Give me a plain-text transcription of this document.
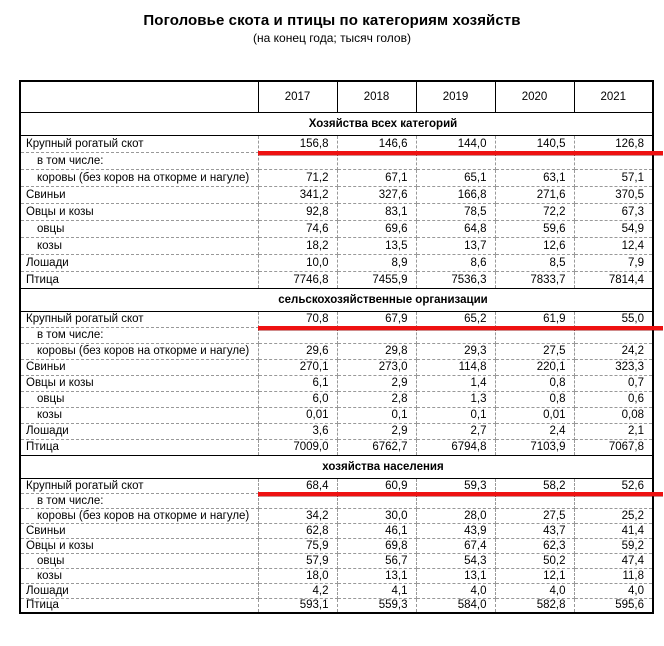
Поголовье скота и птицы по категориям хозяйств
(на конец года; тысяч голов)
	2017	2018	2019	2020	2021
Хозяйства всех категорий					
Крупный рогатый скот	156,8	146,6	144,0	140,5	126,8
в том числе:					
коровы (без коров на откорме и нагуле)	71,2	67,1	65,1	63,1	57,1
Свиньи	341,2	327,6	166,8	271,6	370,5
Овцы и козы	92,8	83,1	78,5	72,2	67,3
овцы	74,6	69,6	64,8	59,6	54,9
козы	18,2	13,5	13,7	12,6	12,4
Лошади	10,0	8,9	8,6	8,5	7,9
Птица	7746,8	7455,9	7536,3	7833,7	7814,4
сельскохозяйственные организации					
Крупный рогатый скот	70,8	67,9	65,2	61,9	55,0
в том числе:					
коровы (без коров на откорме и нагуле)	29,6	29,8	29,3	27,5	24,2
Свиньи	270,1	273,0	114,8	220,1	323,3
Овцы и козы	6,1	2,9	1,4	0,8	0,7
овцы	6,0	2,8	1,3	0,8	0,6
козы	0,01	0,1	0,1	0,01	0,08
Лошади	3,6	2,9	2,7	2,4	2,1
Птица	7009,0	6762,7	6794,8	7103,9	7067,8
хозяйства населения					
Крупный рогатый скот	68,4	60,9	59,3	58,2	52,6
в том числе:					
коровы (без коров на откорме и нагуле)	34,2	30,0	28,0	27,5	25,2
Свиньи	62,8	46,1	43,9	43,7	41,4
Овцы и козы	75,9	69,8	67,4	62,3	59,2
овцы	57,9	56,7	54,3	50,2	47,4
козы	18,0	13,1	13,1	12,1	11,8
Лошади	4,2	4,1	4,0	4,0	4,0
Птица	593,1	559,3	584,0	582,8	595,6
